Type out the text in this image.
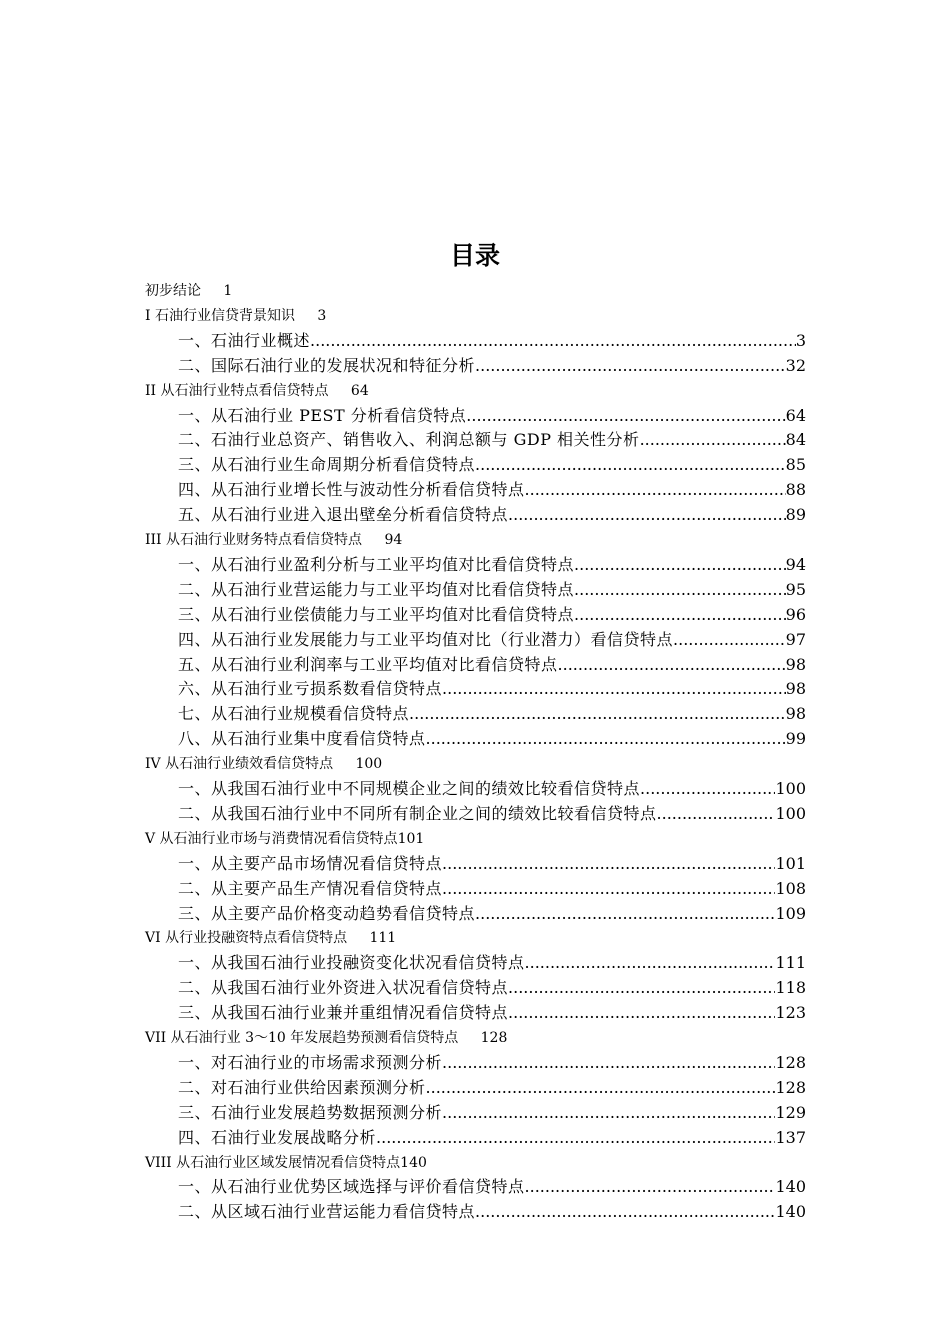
目录
初步结论 1
I 石油行业信贷背景知识 3
一、石油行业概述 .....	3
二、国际石油行业的发展状况和特征分析 .....	32
II 从石油行业特点看信贷特点 64
一、从石油行业 PEST 分析看信贷特点 .....	64
二、石油行业总资产、销售收入、利润总额与 GDP 相关性分析 .....	84
三、从石油行业生命周期分析看信贷特点 .....	85
四、从石油行业增长性与波动性分析看信贷特点 .....	88
五、从石油行业进入退出壁垒分析看信贷特点 .....	89
III 从石油行业财务特点看信贷特点 94
一、从石油行业盈利分析与工业平均值对比看信贷特点 .....	94
二、从石油行业营运能力与工业平均值对比看信贷特点 .....	95
三、从石油行业偿债能力与工业平均值对比看信贷特点 .....	96
四、从石油行业发展能力与工业平均值对比（行业潜力）看信贷特点 .....	97
五、从石油行业利润率与工业平均值对比看信贷特点 .....	98
六、从石油行业亏损系数看信贷特点 .....	98
七、从石油行业规模看信贷特点 .....	98
八、从石油行业集中度看信贷特点 .....	99
IV 从石油行业绩效看信贷特点 100
一、从我国石油行业中不同规模企业之间的绩效比较看信贷特点 .....	100
二、从我国石油行业中不同所有制企业之间的绩效比较看信贷特点 .....	100
V 从石油行业市场与消费情况看信贷特点101
一、从主要产品市场情况看信贷特点 .....	101
二、从主要产品生产情况看信贷特点 .....	108
三、从主要产品价格变动趋势看信贷特点 .....	109
VI 从行业投融资特点看信贷特点 111
一、从我国石油行业投融资变化状况看信贷特点 .....	111
二、从我国石油行业外资进入状况看信贷特点 .....	118
三、从我国石油行业兼并重组情况看信贷特点 .....	123
VII 从石油行业 3～10 年发展趋势预测看信贷特点 128
一、对石油行业的市场需求预测分析 .....	128
二、对石油行业供给因素预测分析 .....	128
三、石油行业发展趋势数据预测分析 .....	129
四、石油行业发展战略分析 .....	137
VIII 从石油行业区域发展情况看信贷特点140
一、从石油行业优势区域选择与评价看信贷特点 .....	140
二、从区域石油行业营运能力看信贷特点 .....	140
